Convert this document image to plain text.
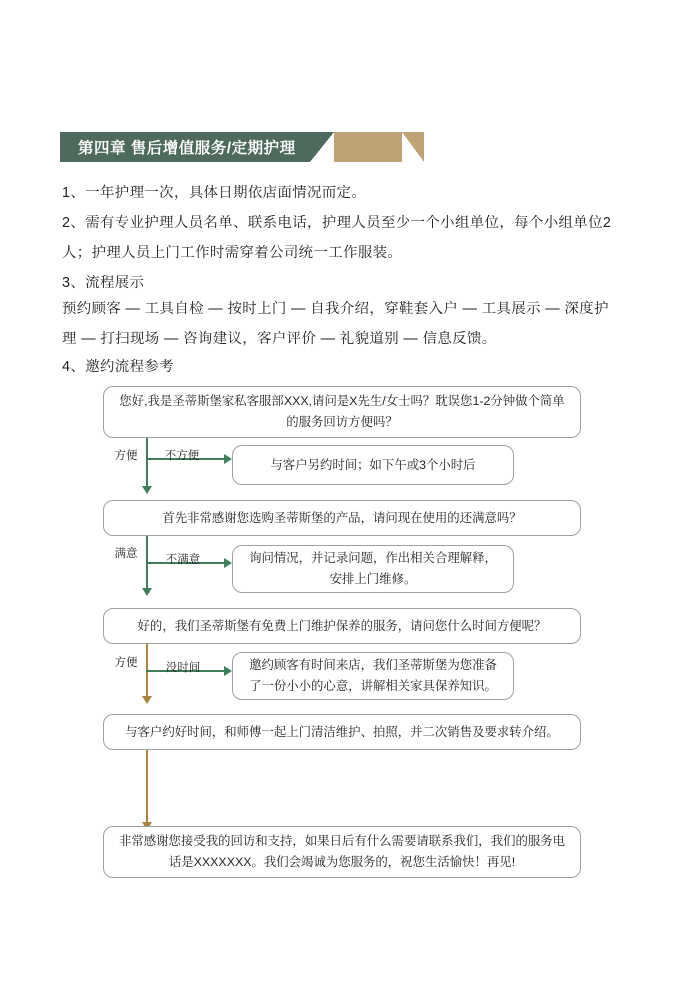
第四章 售后增值服务/定期护理
1、一年护理一次，具体日期依店面情况而定。
2、需有专业护理人员名单、联系电话，护理人员至少一个小组单位，每个小组单位2人；护理人员上门工作时需穿着公司统一工作服装。
3、流程展示
预约顾客 — 工具自检 — 按时上门 — 自我介绍，穿鞋套入户 — 工具展示 — 深度护理 — 打扫现场 — 咨询建议，客户评价 — 礼貌道别 — 信息反馈。
4、邀约流程参考
您好,我是圣蒂斯堡家私客服部XXX,请问是X先生/女士吗？耽误您1-2分钟做个简单的服务回访方便吗？
方便	不方便
与客户另约时间；如下午或3个小时后
首先非常感谢您选购圣蒂斯堡的产品，请问现在使用的还满意吗？
满意	不满意	询问情况，并记录问题，作出相关合理解释，安排上门维修。
好的，我们圣蒂斯堡有免费上门维护保养的服务，请问您什么时间方便呢？
方便	没时间	邀约顾客有时间来店，我们圣蒂斯堡为您准备了一份小小的心意，讲解相关家具保养知识。
与客户约好时间，和师傅一起上门清洁维护、拍照，并二次销售及要求转介绍。
非常感谢您接受我的回访和支持，如果日后有什么需要请联系我们，我们的服务电话是XXXXXXX。我们会竭诚为您服务的，祝您生活愉快！再见!
